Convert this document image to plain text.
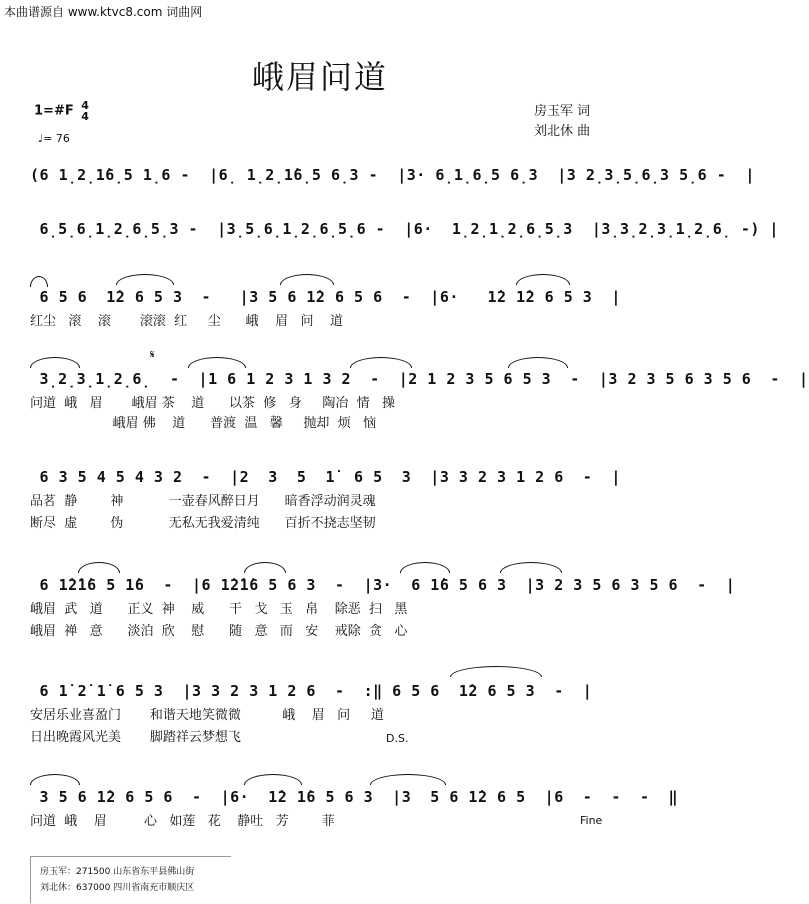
本曲谱源自 www.ktvc8.com 词曲网
峨眉问道
1=#F 4
4
♩= 76
房玉军 词
刘北休 曲
(6 1̣2̣1̇6̣5 1̣6 -  |6̣ 1̣2̣1̇6̣5 6̣3 -  |3· 6̣1̣6̣5 6̣3  |3 2̣3̣5̣6̣3 5̣6 -  |
6̣5̣6̣1̣2̣6̣5̣3 -  |3̣5̣6̣1̣2̣6̣5̣6 -  |6·  1̣2̣1̣2̣6̣5̣3  |3̣3̣2̣3̣1̣2̣6̣ -) |
6 5 6  1̇2 6 5 3  -   |3 5 6 1̇2 6 5 6  -  |6·   1̇2 1̇2 6 5 3  |
红尘   滚    滚       滚滚  红     尘      峨    眉   问    道
𝄋
3̣2̣3̣1̣2̣6̣  -  |1 6 1 2 3 1 3 2  -  |2 1 2 3 5 6 5 3  -  |3 2 3 5 6 3 5 6  -  |
问道  峨   眉       峨眉 茶    道      以茶  修   身     陶冶  情   操
峨眉 佛    道      普渡  温   馨     抛却  烦   恼
6 3 5 4 5 4 3 2  -  |2  3  5  1̇  6 5  3  |3 3 2 3 1 2 6  -  |
品茗  静        神           一壶春风醉日月      暗香浮动润灵魂
断尽  虚        伪           无私无我爱清纯      百折不挠志坚韧
6 1̇2̇1̇6 5 1̇6  -  |6 1̇2̇1̇6 5 6 3  -  |3·  6 1̇6 5 6 3  |3 2 3 5 6 3 5 6  -  |
峨眉  武   道      正义  神    威      干   戈   玉   帛    除恶  扫   黑
峨眉  禅   意      淡泊  欣    慰      随   意   而   安    戒除  贪   心
6 1̇ 2̇ 1̇ 6 5 3  |3 3 2 3 1 2 6  -  :‖ 6 5 6  1̇2 6 5 3  -  |
安居乐业喜盈门       和谐天地笑微微          峨    眉   问     道
日出晚霞风光美       脚踏祥云梦想飞	D.S.
3 5 6 1̇2 6 5 6  -  |6·  1̇2 1̇6 5 6 3  |3  5 6 1̇2 6 5  |6  -  -  -  ‖
问道  峨    眉         心   如莲   花    静吐   芳        菲	Fine
房玉军：271500 山东省东平县佛山街
刘北休：637000 四川省南充市顺庆区
